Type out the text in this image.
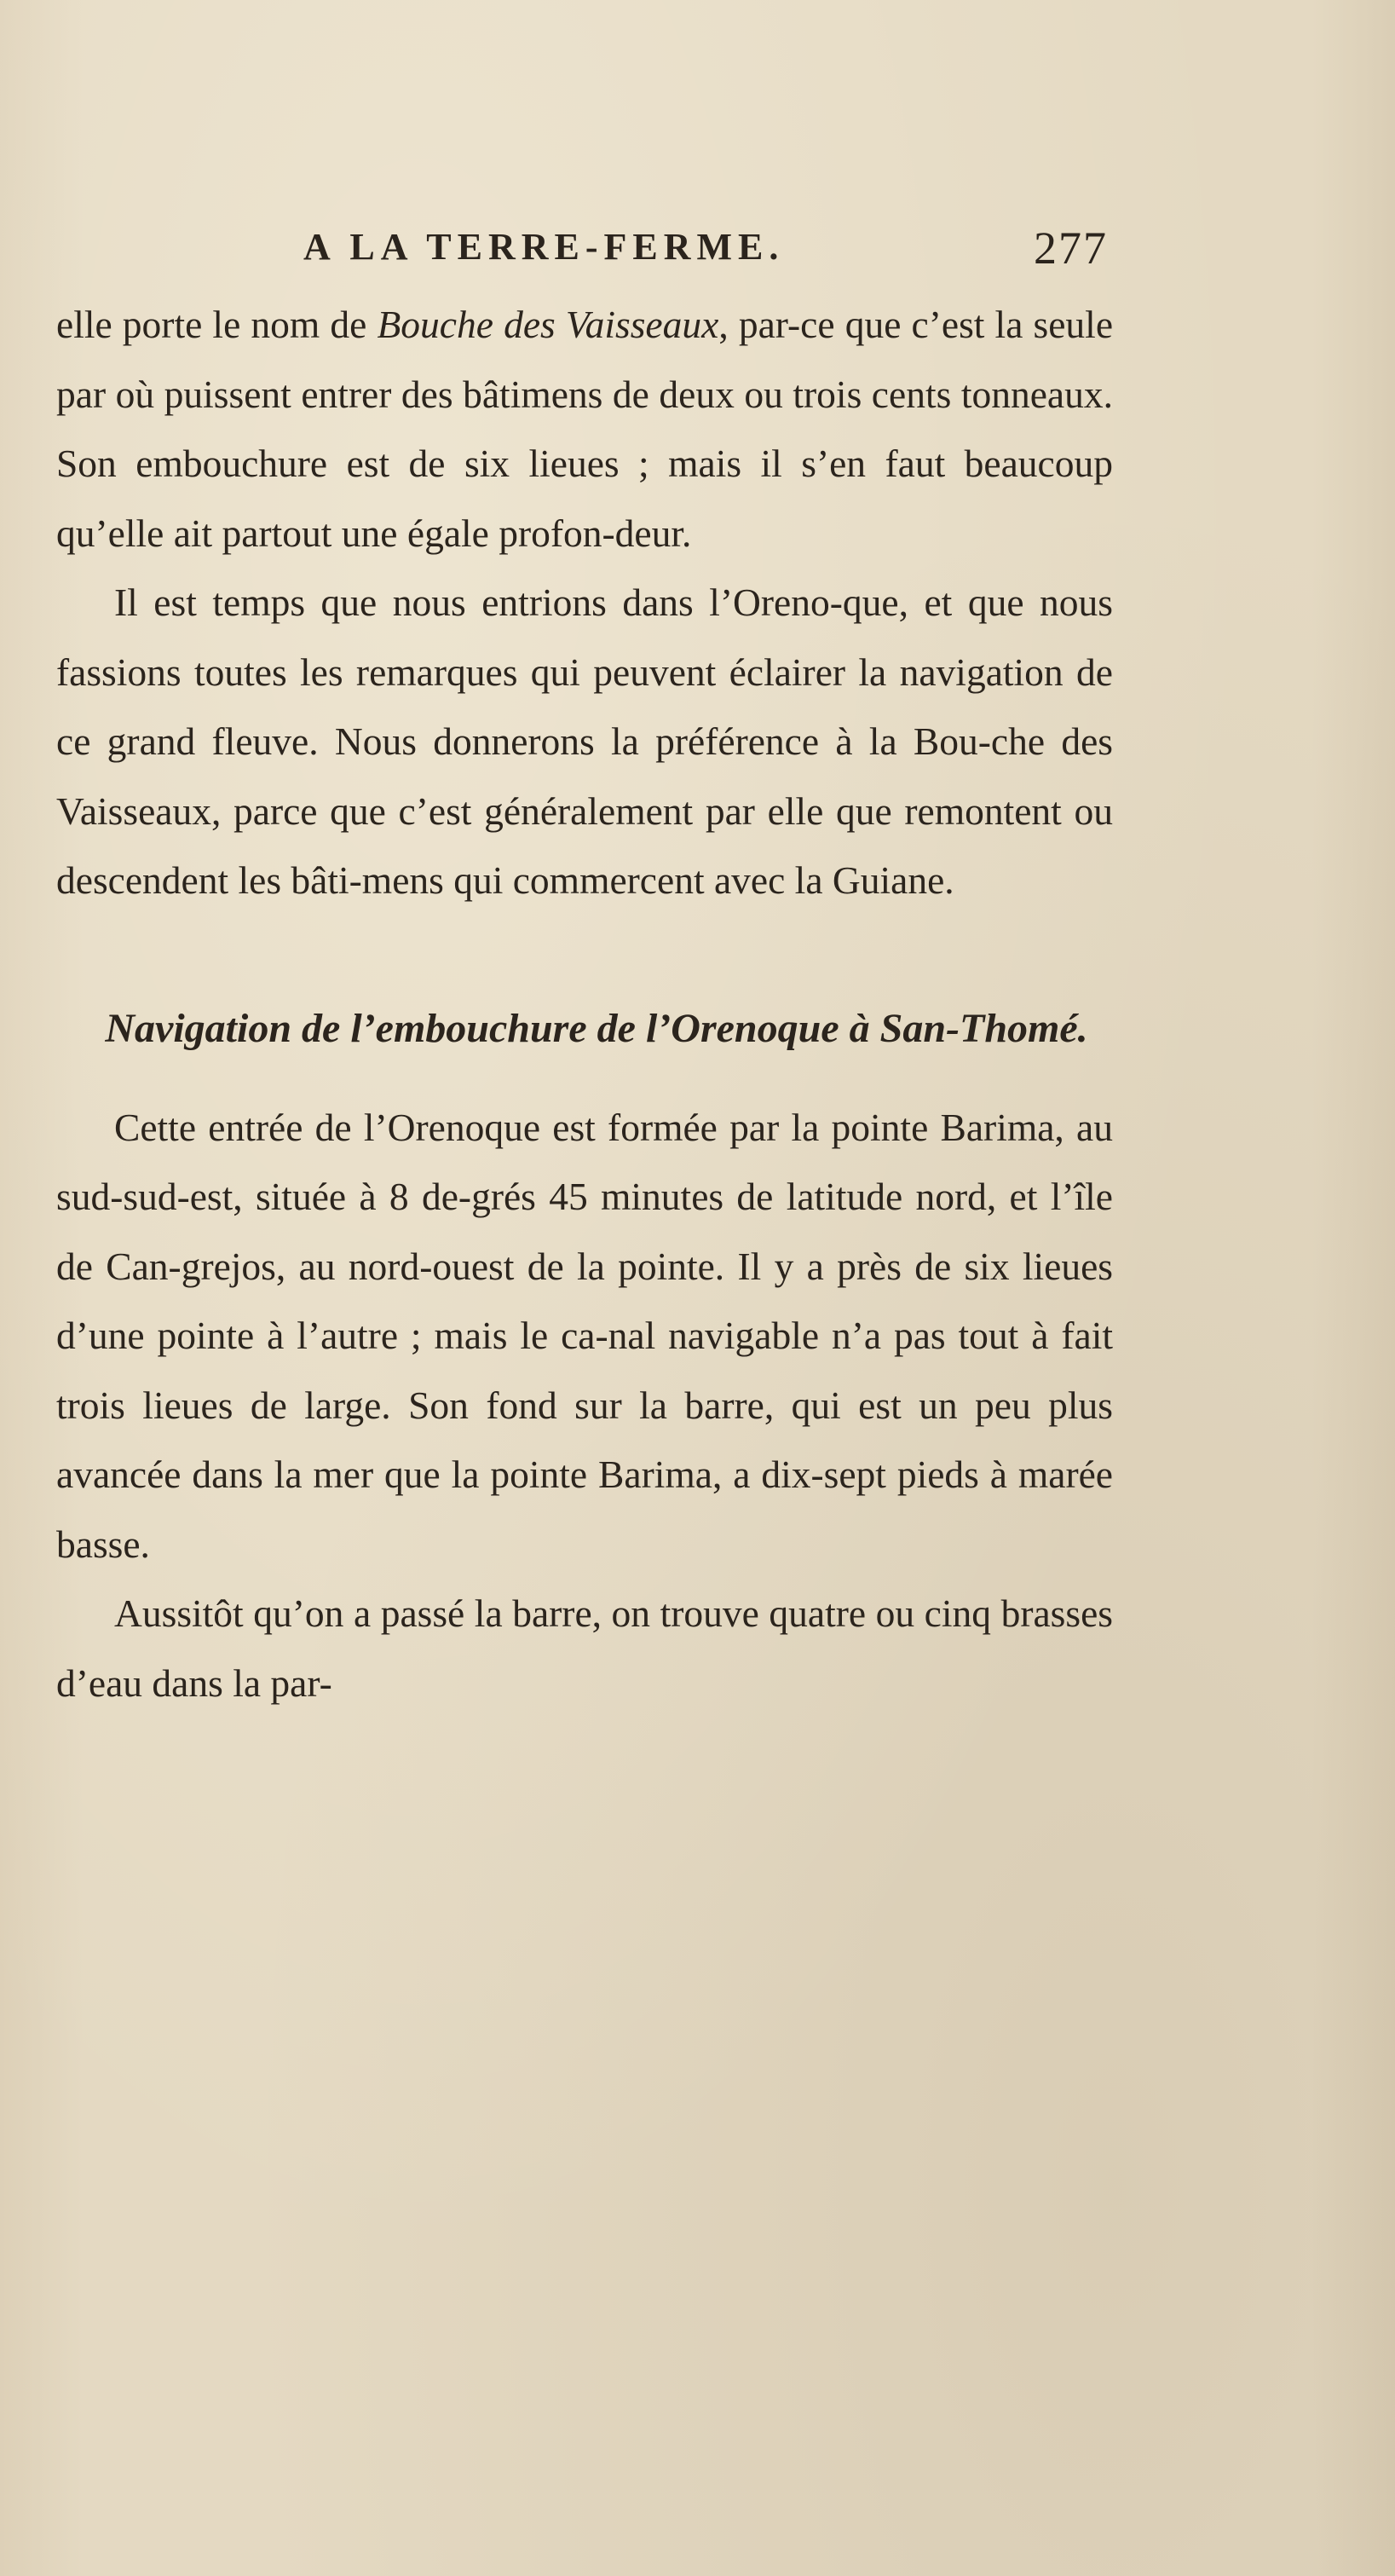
A LA TERRE-FERME.	277

elle porte le nom de Bouche des Vaisseaux, par-ce que c’est la seule par où puissent entrer des bâtimens de deux ou trois cents tonneaux. Son embouchure est de six lieues ; mais il s’en faut beaucoup qu’elle ait partout une égale profon-deur.

Il est temps que nous entrions dans l’Oreno-que, et que nous fassions toutes les remarques qui peuvent éclairer la navigation de ce grand fleuve. Nous donnerons la préférence à la Bou-che des Vaisseaux, parce que c’est généralement par elle que remontent ou descendent les bâti-mens qui commercent avec la Guiane.

Navigation de l’embouchure de l’Orenoque à San-Thomé.

Cette entrée de l’Orenoque est formée par la pointe Barima, au sud-sud-est, située à 8 de-grés 45 minutes de latitude nord, et l’île de Can-grejos, au nord-ouest de la pointe. Il y a près de six lieues d’une pointe à l’autre ; mais le ca-nal navigable n’a pas tout à fait trois lieues de large. Son fond sur la barre, qui est un peu plus avancée dans la mer que la pointe Barima, a dix-sept pieds à marée basse.

Aussitôt qu’on a passé la barre, on trouve quatre ou cinq brasses d’eau dans la par-
